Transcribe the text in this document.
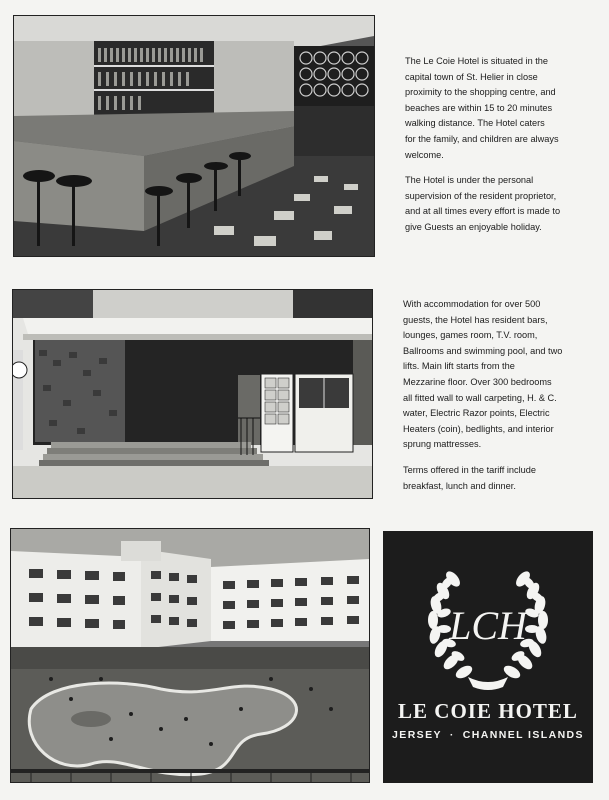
The Le Coie Hotel is situated in the
capital town of St. Helier in close
proximity to the shopping centre, and
beaches are within 15 to 20 minutes
walking distance. The Hotel caters
for the family, and children are always
welcome.

The Hotel is under the personal
supervision of the resident proprietor,
and at all times every effort is made to
give Guests an enjoyable holiday.

With accommodation for over 500
guests, the Hotel has resident bars,
lounges, games room, T.V. room,
Ballrooms and swimming pool, and two
lifts. Main lift starts from the
Mezzarine floor. Over 300 bedrooms
all fitted wall to wall carpeting, H. & C.
water, Electric Razor points, Electric
Heaters (coin), bedlights, and interior
sprung mattresses.

Terms offered in the tariff include
breakfast, lunch and dinner.

LCH
LE COIE HOTEL
JERSEY · CHANNEL ISLANDS
